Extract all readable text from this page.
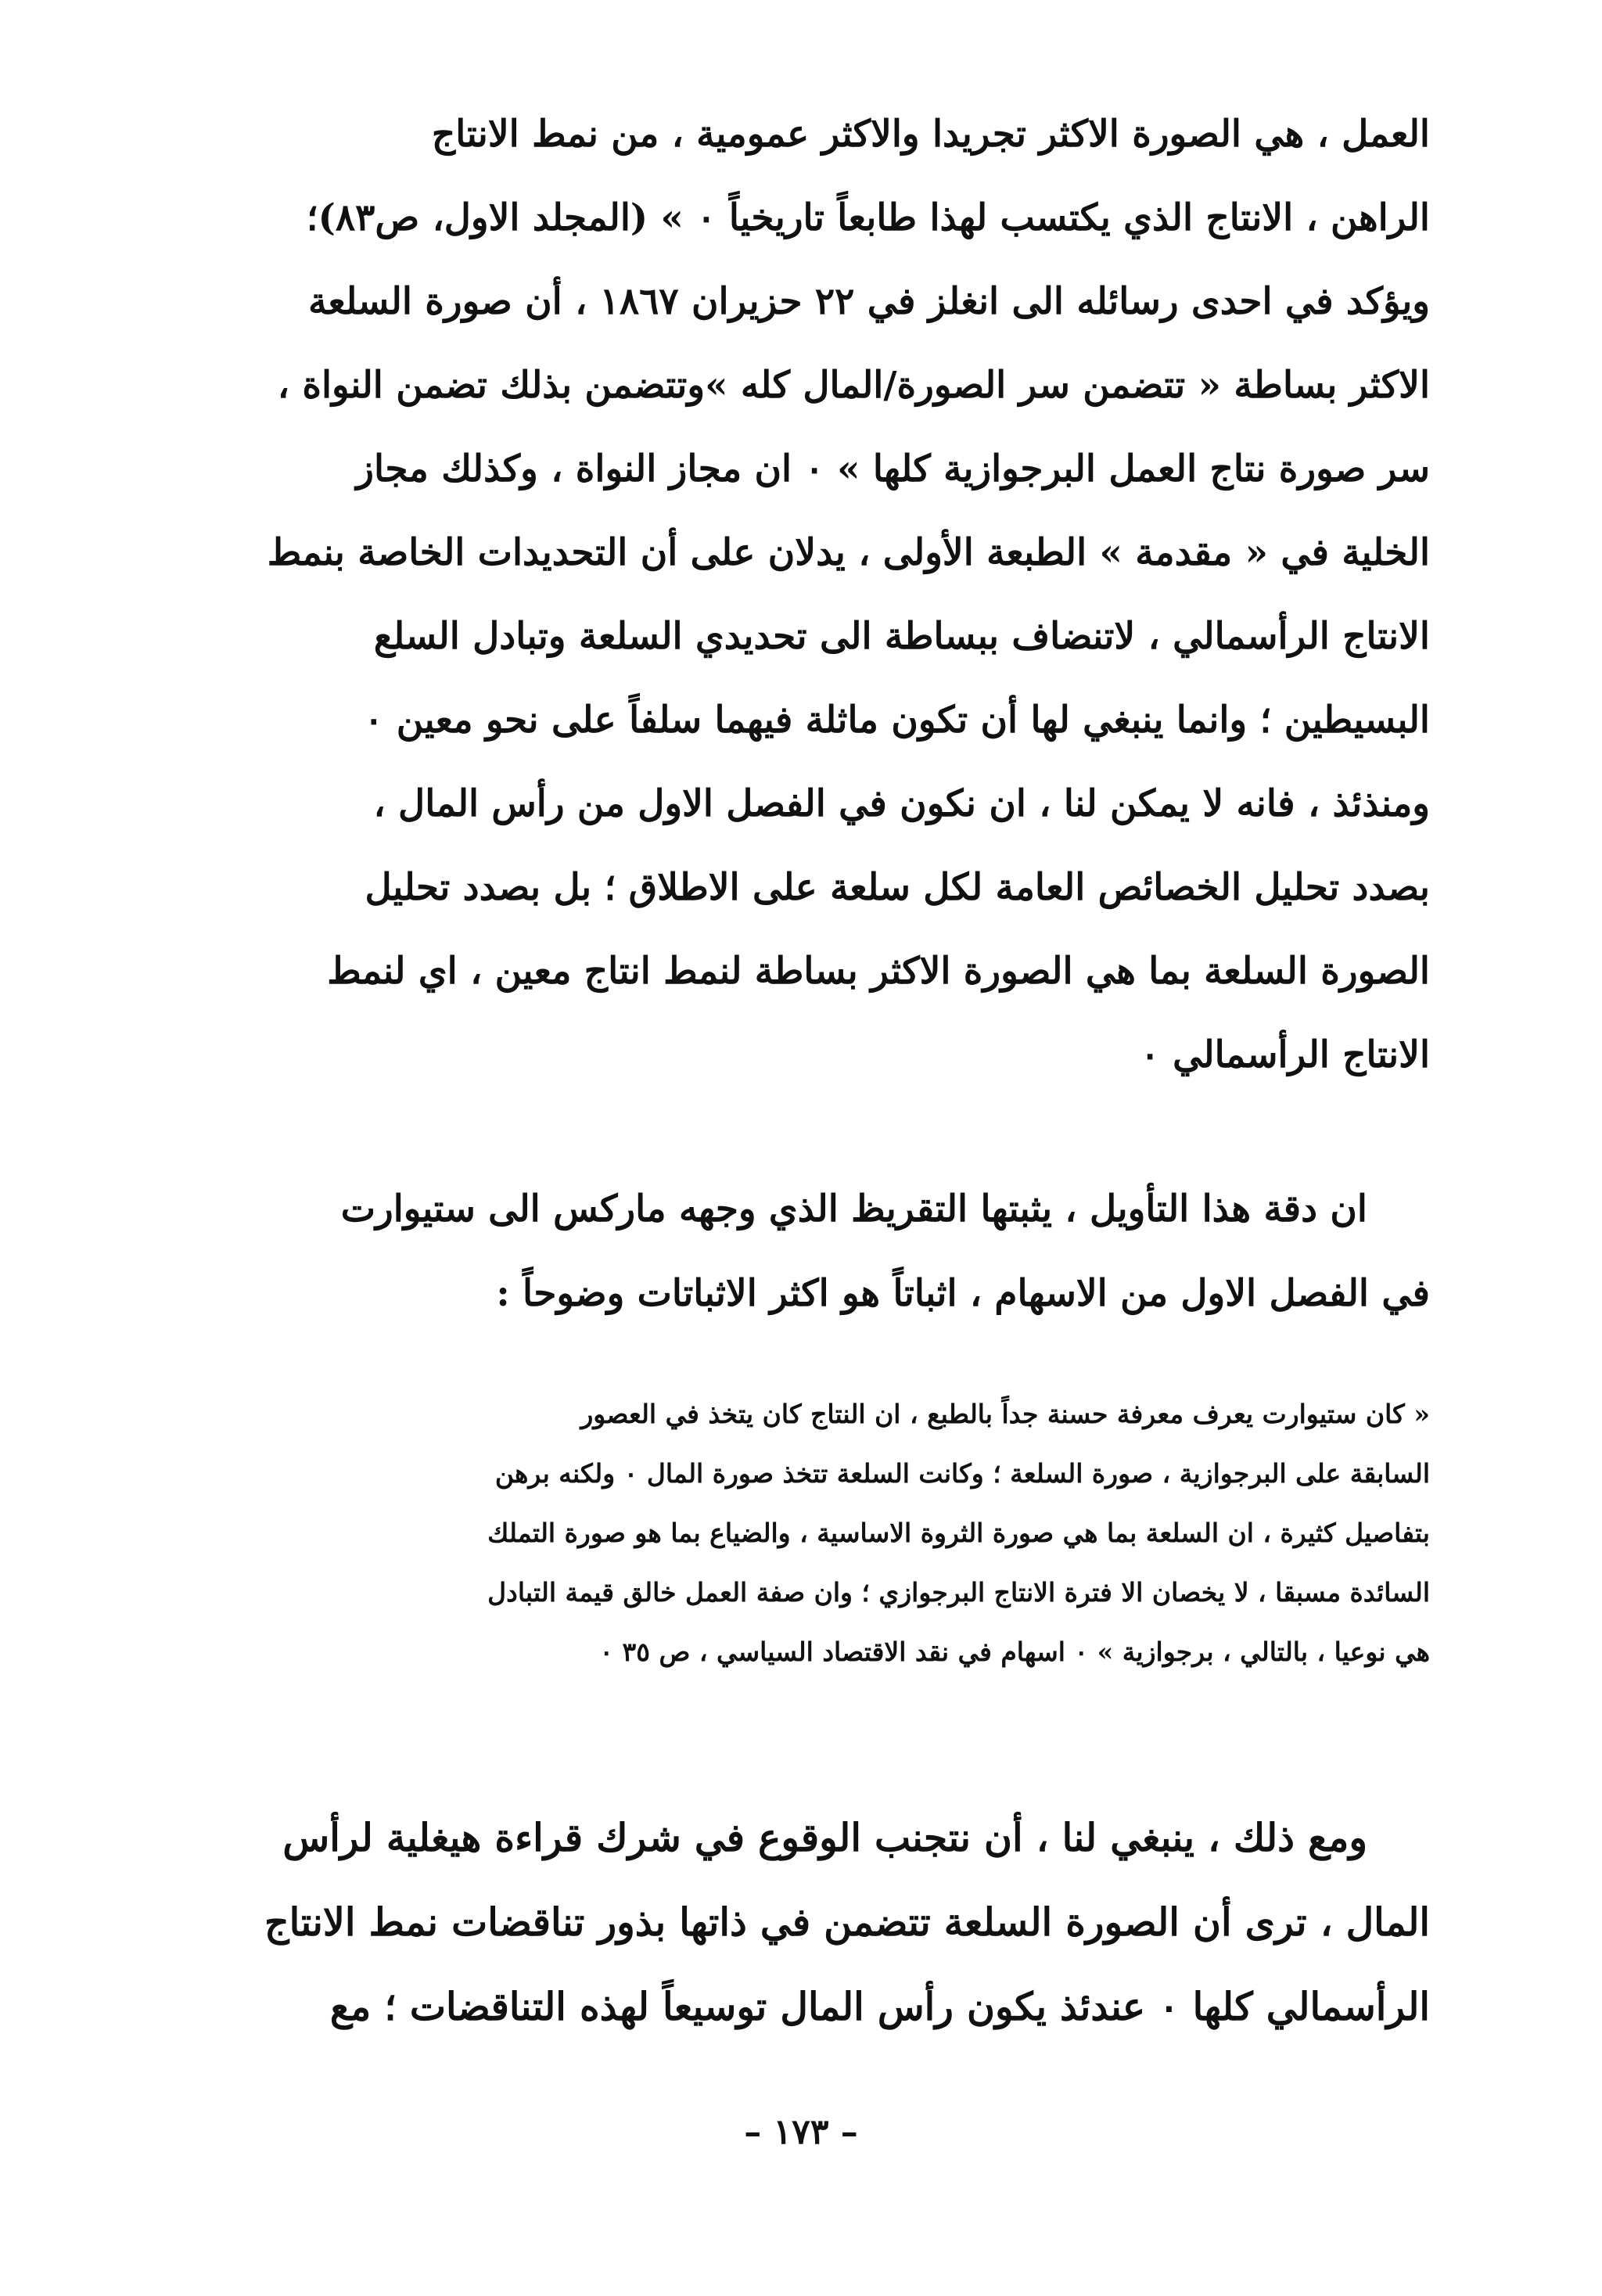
العمل ، هي الصورة الاكثر تجريدا والاكثر عمومية ، من نمط الانتاج
الراهن ، الانتاج الذي يكتسب لهذا طابعاً تاريخياً ٠ » (المجلد الاول، ص٨٣)؛
ويؤكد في احدى رسائله الى انغلز في ٢٢ حزيران ١٨٦٧ ، أن صورة السلعة
الاكثر بساطة « تتضمن سر الصورة/المال كله »وتتضمن بذلك تضمن النواة ،
سر صورة نتاج العمل البرجوازية كلها » ٠ ان مجاز النواة ، وكذلك مجاز
الخلية في « مقدمة » الطبعة الأولى ، يدلان على أن التحديدات الخاصة بنمط
الانتاج الرأسمالي ، لاتنضاف ببساطة الى تحديدي السلعة وتبادل السلع
البسيطين ؛ وانما ينبغي لها أن تكون ماثلة فيهما سلفاً على نحو معين ٠
ومنذئذ ، فانه لا يمكن لنا ، ان نكون في الفصل الاول من رأس المال ،
بصدد تحليل الخصائص العامة لكل سلعة على الاطلاق ؛ بل بصدد تحليل
الصورة السلعة بما هي الصورة الاكثر بساطة لنمط انتاج معين ، اي لنمط
الانتاج الرأسمالي ٠
ان دقة هذا التأويل ، يثبتها التقريظ الذي وجهه ماركس الى ستيوارت
في الفصل الاول من الاسهام ، اثباتاً هو اكثر الاثباتات وضوحاً :
« كان ستيوارت يعرف معرفة حسنة جداً بالطبع ، ان النتاج كان يتخذ في العصور
السابقة على البرجوازية ، صورة السلعة ؛ وكانت السلعة تتخذ صورة المال ٠ ولكنه برهن
بتفاصيل كثيرة ، ان السلعة بما هي صورة الثروة الاساسية ، والضياع بما هو صورة التملك
السائدة مسبقا ، لا يخصان الا فترة الانتاج البرجوازي ؛ وان صفة العمل خالق قيمة التبادل
هي نوعيا ، بالتالي ، برجوازية » ٠ اسهام في نقد الاقتصاد السياسي ، ص ٣٥ ٠
ومع ذلك ، ينبغي لنا ، أن نتجنب الوقوع في شرك قراءة هيغلية لرأس
المال ، ترى أن الصورة السلعة تتضمن في ذاتها بذور تناقضات نمط الانتاج
الرأسمالي كلها ٠ عندئذ يكون رأس المال توسيعاً لهذه التناقضات ؛ مع
– ١٧٣ –
